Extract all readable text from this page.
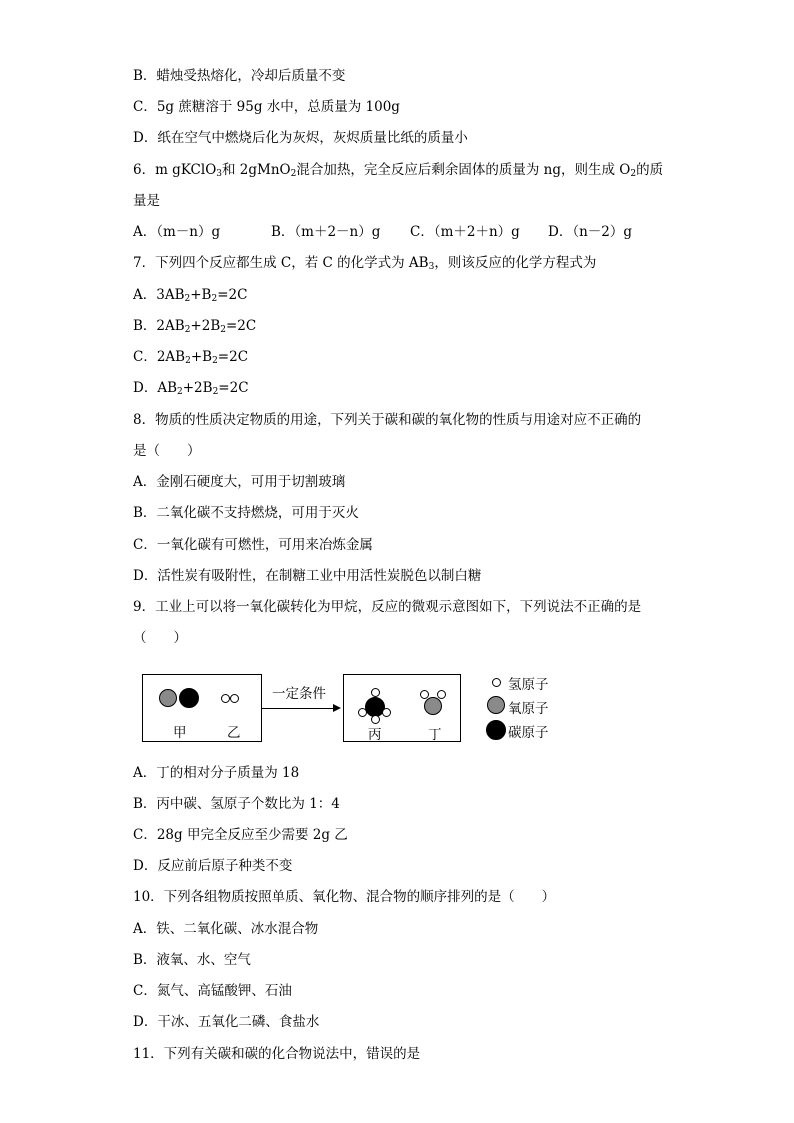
B．蜡烛受热熔化，冷却后质量不变
C．5g 蔗糖溶于 95g 水中，总质量为 100g
D．纸在空气中燃烧后化为灰烬，灰烬质量比纸的质量小
6．m gKClO$_3$和 2gMnO$_2$混合加热，完全反应后剩余固体的质量为 ng，则生成 $O_2$的质
量是
A．（m－n）g	B．（m＋2－n）g C．（m＋2＋n）g D．（n－2）g
7．下列四个反应都生成 C，若 C 的化学式为 $AB_3$，则该反应的化学方程式为
A．$3AB_2+B_2=2C$
B．$2AB_2+2B_2=2C$
C．$2AB_2+B_2=2C$
D．$AB_2+2B_2=2C$
8．物质的性质决定物质的用途，下列关于碳和碳的氧化物的性质与用途对应不正确的
是（　　）
A．金刚石硬度大，可用于切割玻璃
B．二氧化碳不支持燃烧，可用于灭火
C．一氧化碳有可燃性，可用来冶炼金属
D．活性炭有吸附性，在制糖工业中用活性炭脱色以制白糖
9．工业上可以将一氧化碳转化为甲烷，反应的微观示意图如下，下列说法不正确的是
（　　）
甲	乙
一定条件
丙	丁
氢原子
氧原子
碳原子
A．丁的相对分子质量为 18
B．丙中碳、氢原子个数比为 1：4
C．28g 甲完全反应至少需要 2g 乙
D．反应前后原子种类不变
10．下列各组物质按照单质、氧化物、混合物的顺序排列的是（　　）
A．铁、二氧化碳、冰水混合物
B．液氧、水、空气
C．氮气、高锰酸钾、石油
D．干冰、五氧化二磷、食盐水
11．下列有关碳和碳的化合物说法中，错误的是
